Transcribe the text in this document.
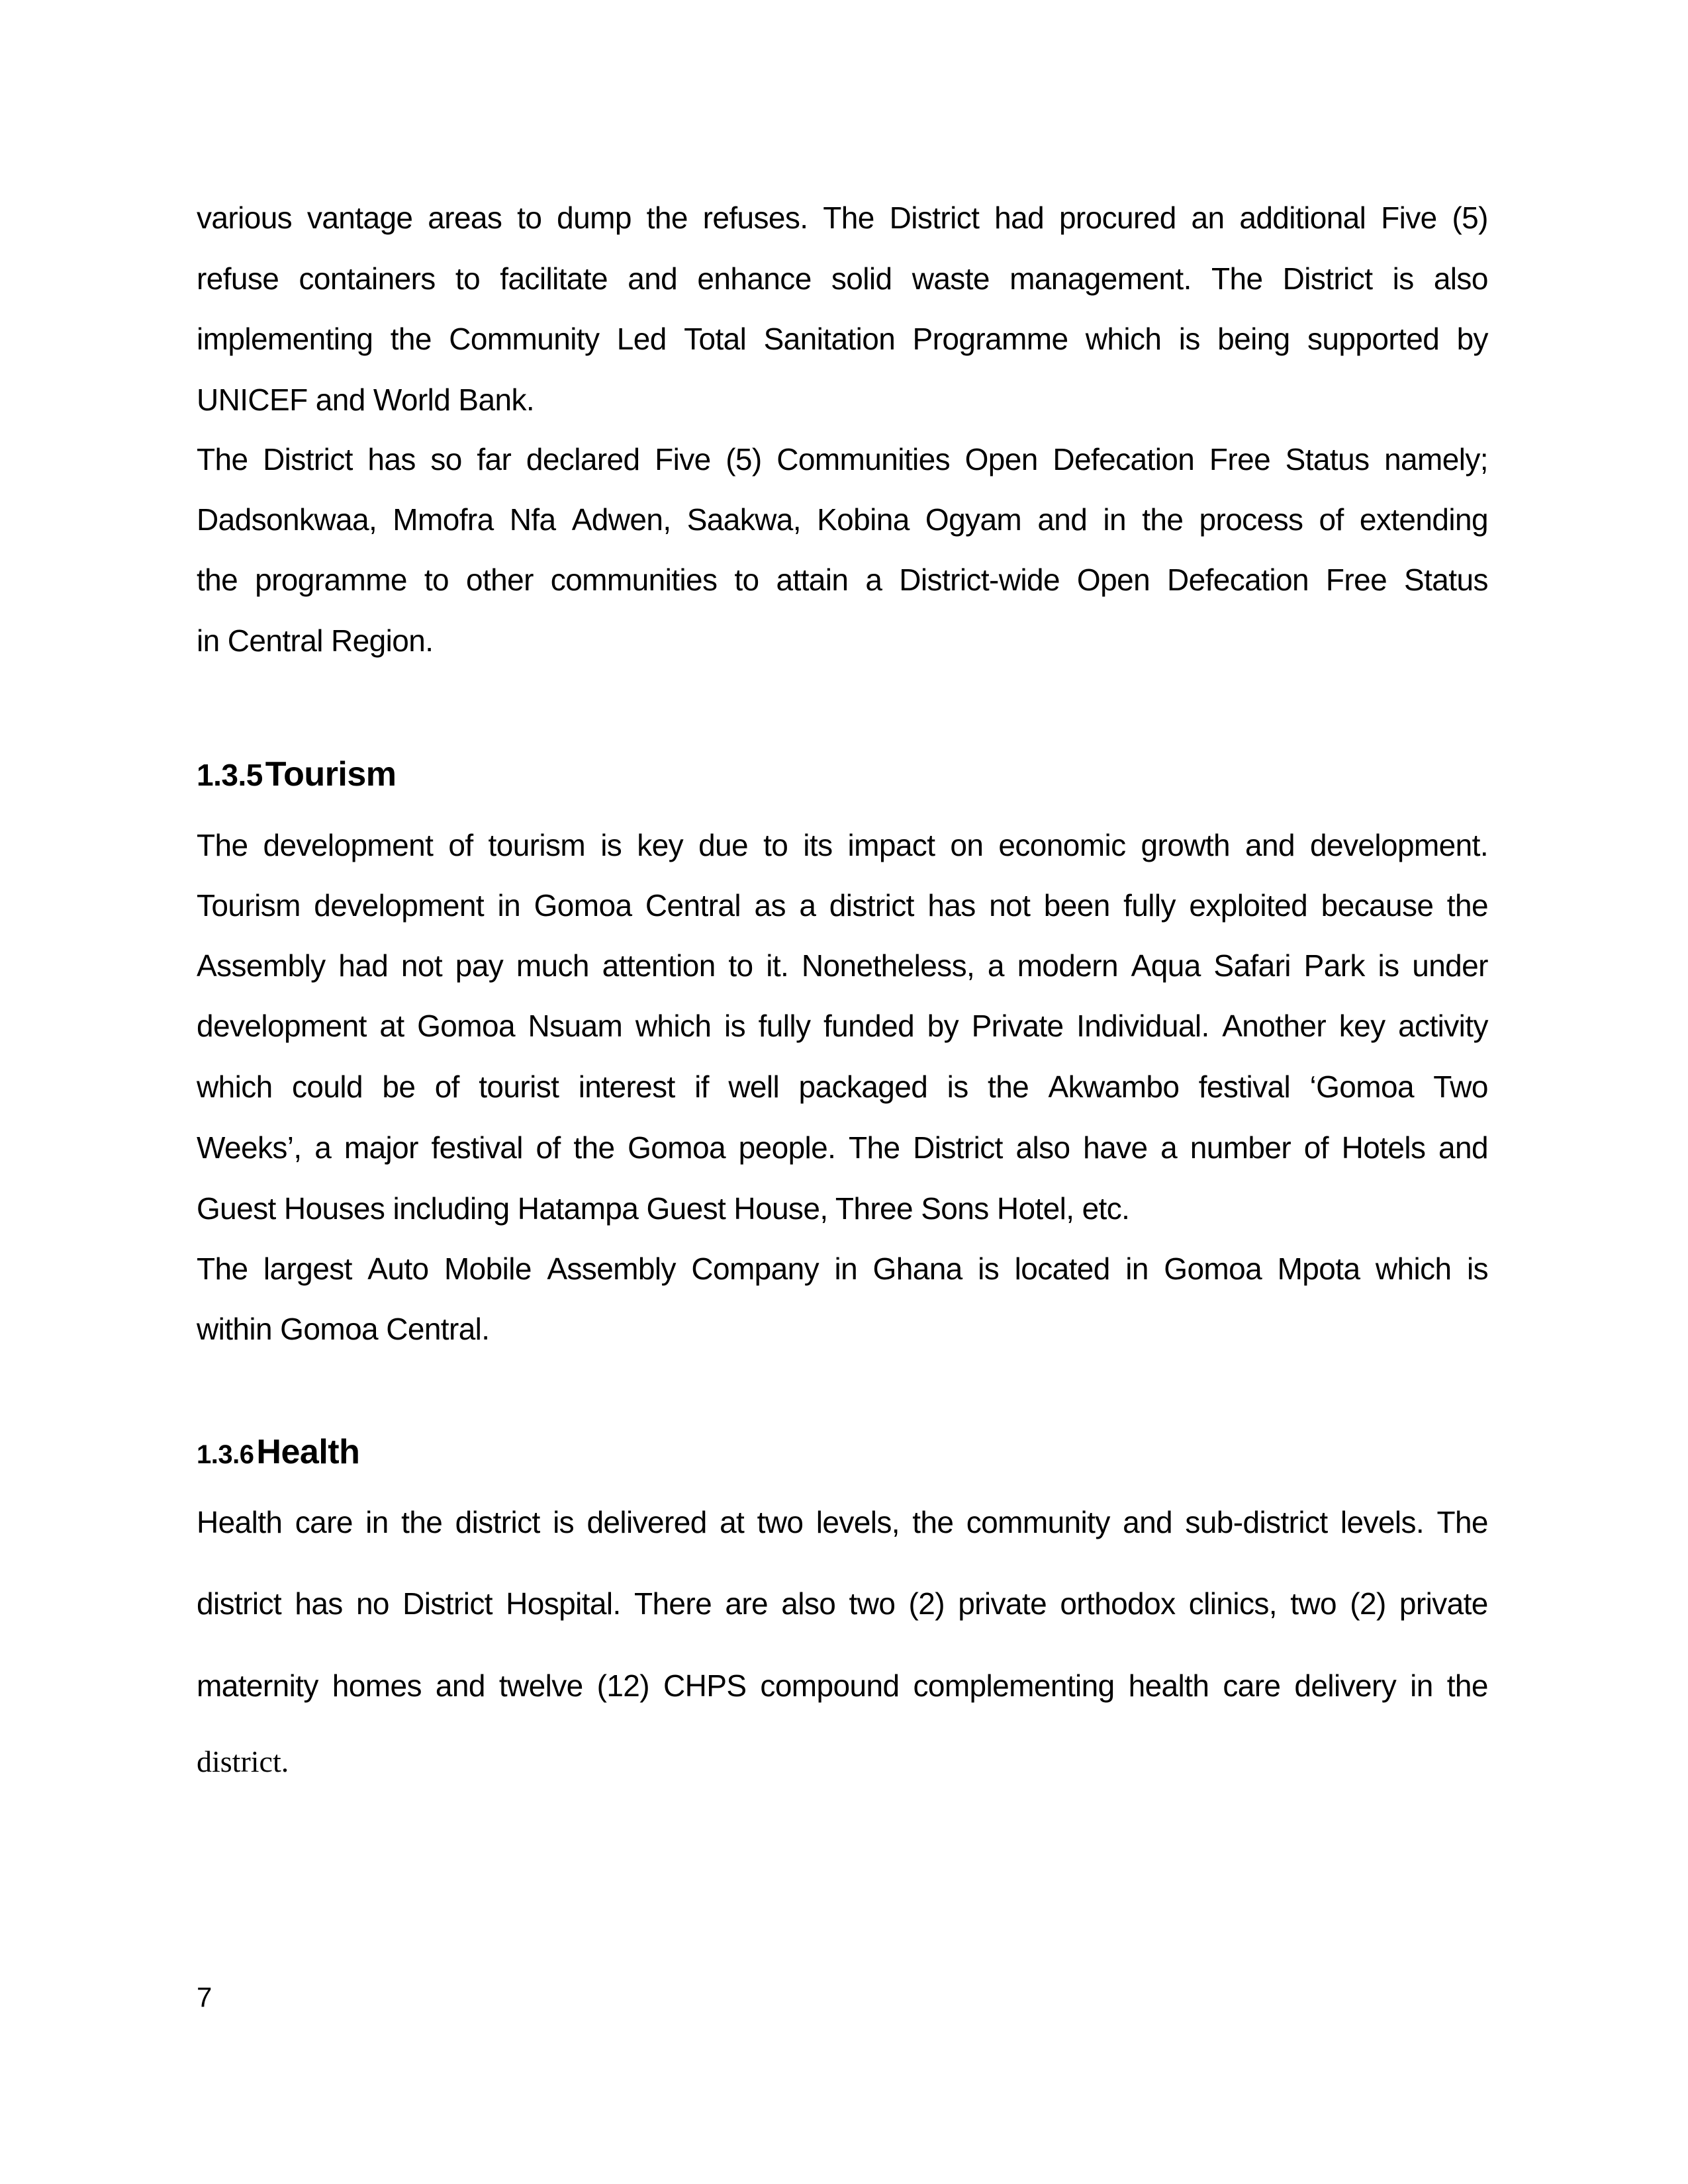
various vantage areas to dump the refuses. The District had procured an additional Five (5)
refuse containers to facilitate and enhance solid waste management. The District is also
implementing the Community Led Total Sanitation Programme which is being supported by
UNICEF and World Bank.
The District has so far declared Five (5) Communities Open Defecation Free Status namely;
Dadsonkwaa, Mmofra Nfa Adwen, Saakwa, Kobina Ogyam and in the process of extending
the programme to other communities to attain a District-wide Open Defecation Free Status
in Central Region.
1.3.5 Tourism
The development of tourism is key due to its impact on economic growth and development.
Tourism development in Gomoa Central as a district has not been fully exploited because the
Assembly had not pay much attention to it. Nonetheless, a modern Aqua Safari Park is under
development at Gomoa Nsuam which is fully funded by Private Individual. Another key activity
which could be of tourist interest if well packaged is the Akwambo festival ‘Gomoa Two
Weeks’, a major festival of the Gomoa people. The District also have a number of Hotels and
Guest Houses including Hatampa Guest House, Three Sons Hotel, etc.
The largest Auto Mobile Assembly Company in Ghana is located in Gomoa Mpota which is
within Gomoa Central.
1.3.6 Health
Health care in the district is delivered at two levels, the community and sub-district levels. The
district has no District Hospital. There are also two (2) private orthodox clinics, two (2) private
maternity homes and twelve (12) CHPS compound complementing health care delivery in the
district.
7
